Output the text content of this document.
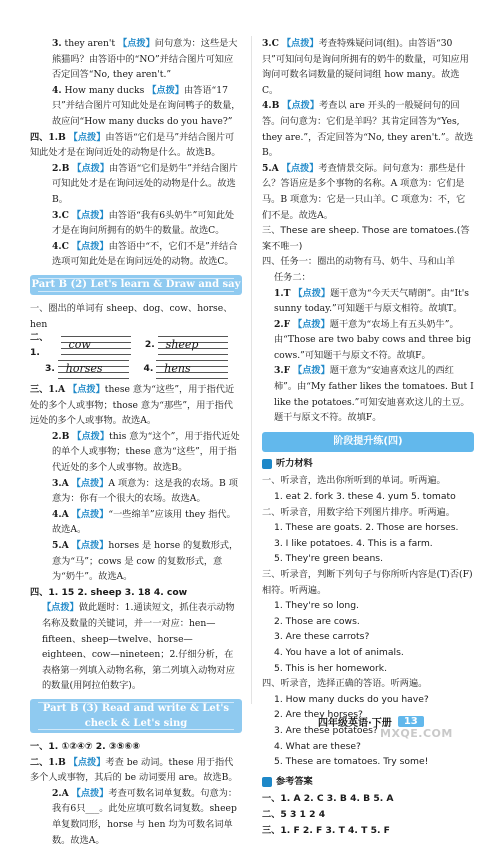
3. they aren't 【点拨】问句意为：这些是大熊猫吗？由答语中的“NO”并结合图片可知应否定回答“No, they aren't.”

4. How many ducks 【点拨】由答语“17只”并结合图片可知此处是在询问鸭子的数量，故应问“How many ducks do you have?”

四、1.B 【点拨】由答语“它们是马”并结合图片可知此处才是在询问近处的动物是什么。故选B。

2.B 【点拨】由答语“它们是奶牛”并结合图片可知此处才是在询问远处的动物是什么。故选B。

3.C 【点拨】由答语“我有6头奶牛”可知此处才是在询问所拥有的奶牛的数量。故选C。

4.C 【点拨】由答语中“不，它们不是”并结合选项可知此处是在询问远处的动物。故选C。

Part B (2) Let's learn & Draw and say

一、圈出的单词有 sheep、dog、cow、horse、hen

二、1.

cow	2.
sheep
3.
horses	4.
hens

三、1.A 【点拨】these 意为“这些”，用于指代近处的多个人或事物；those 意为“那些”，用于指代远处的多个人或事物。故选A。

2.B 【点拨】this 意为“这个”，用于指代近处的单个人或事物；these 意为“这些”，用于指代近处的多个人或事物。故选B。

3.A 【点拨】A 项意为：这是我的农场。B 项意为：你有一个很大的农场。故选A。

4.A 【点拨】“一些绵羊”应该用 they 指代。故选A。

5.A 【点拨】horses 是 horse 的复数形式，意为“马”；cows 是 cow 的复数形式，意为“奶牛”。故选A。

四、1. 15 2. sheep 3. 18 4. cow

【点拨】做此题时：1.通读短文，抓住表示动物名称及数量的关键词，并一一对应：hen—fifteen、sheep—twelve、horse—eighteen、cow—nineteen；2.仔细分析，在表格第一列填入动物名称，第二列填入动物对应的数量(用阿拉伯数字)。

Part B (3) Read and write & Let's
check & Let's sing

一、1. ①②④⑦ 2. ③⑤⑥⑧

二、1.B 【点拨】考查 be 动词。these 用于指代多个人或事物，其后的 be 动词要用 are。故选B。

2.A 【点拨】考查可数名词单复数。句意为：我有6只___。此处应填可数名词复数。sheep 单复数同形，horse 与 hen 均为可数名词单数。故选A。

3.C 【点拨】考查特殊疑问词(组)。由答语“30只”可知问句是询问所拥有的奶牛的数量，可知应用询问可数名词数量的疑问词组 how many。故选C。

4.B 【点拨】考查以 are 开头的一般疑问句的回答。问句意为：它们是羊吗？其肯定回答为“Yes, they are.”，否定回答为“No, they aren't.”。故选B。

5.A 【点拨】考查情景交际。问句意为：那些是什么？答语应是多个事物的名称。A 项意为：它们是马。B 项意为：它是一只山羊。C 项意为：不，它们不是。故选A。

三、These are sheep. Those are tomatoes.(答案不唯一)

四、任务一：圈出的动物有马、奶牛、马和山羊

任务二：

1.T 【点拨】题干意为“今天天气晴朗”。由“It's sunny today.”可知题干与原文相符。故填T。

2.F 【点拨】题干意为“农场上有五头奶牛”。由“Those are two baby cows and three big cows.”可知题干与原文不符。故填F。

3.F 【点拨】题干意为“安迪喜欢这儿的西红柿”。由“My father likes the tomatoes. But I like the potatoes.”可知安迪喜欢这儿的土豆。题干与原文不符。故填F。

阶段提升练(四)
听力材料

一、听录音，选出你所听到的单词。听两遍。

1. eat 2. fork 3. these 4. yum 5. tomato

二、听录音，用数字给下列图片排序。听两遍。

1. These are goats. 2. Those are horses.

3. I like potatoes. 4. This is a farm.

5. They're green beans.

三、听录音，判断下列句子与你所听内容是(T)否(F)相符。听两遍。

1. They're so long.

2. Those are cows.

3. Are these carrots?

4. You have a lot of animals.

5. This is her homework.

四、听录音，选择正确的答语。听两遍。

1. How many ducks do you have?

2. Are they horses?

3. Are these potatoes?

4. What are these?

5. These are tomatoes. Try some!

参考答案

一、1. A 2. C 3. B 4. B 5. A

二、5 3 1 2 4

三、1. F 2. F 3. T 4. T 5. F

四年级英语·下册	13
MXQE.COM
